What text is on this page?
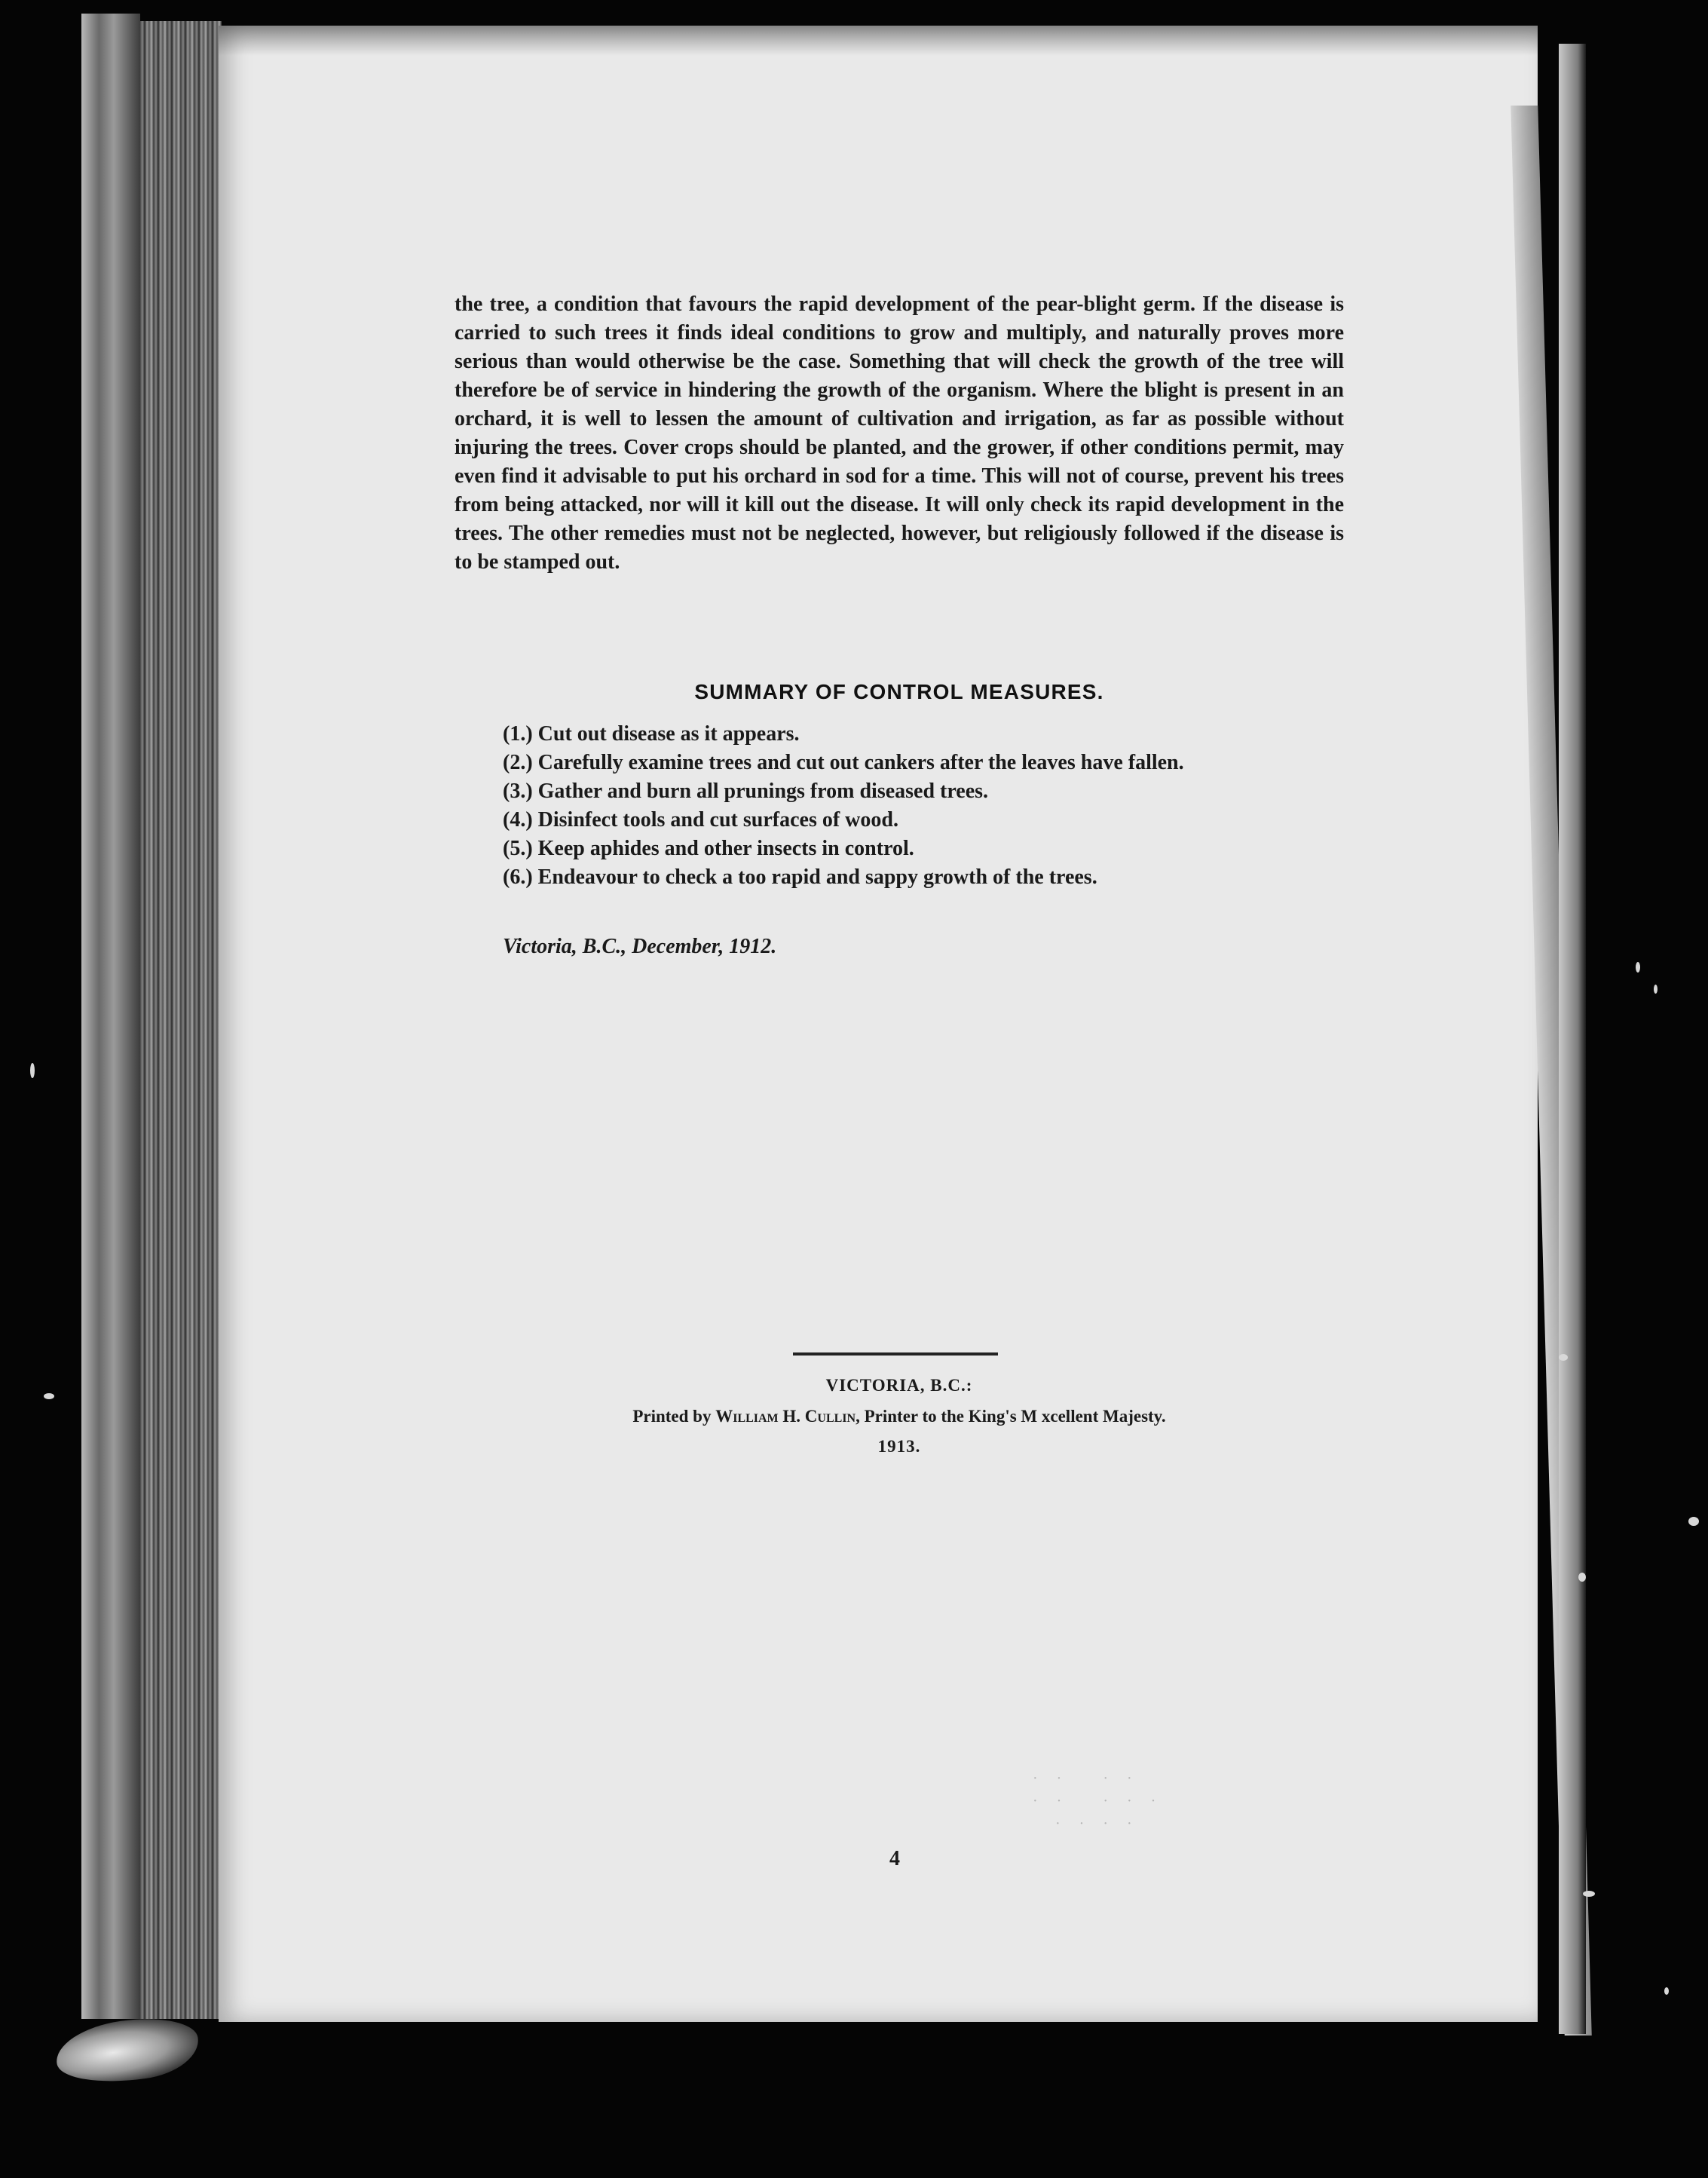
the tree, a condition that favours the rapid development of the pear-blight germ. If the disease is carried to such trees it finds ideal conditions to grow and multiply, and naturally proves more serious than would otherwise be the case. Something that will check the growth of the tree will therefore be of service in hindering the growth of the organism. Where the blight is present in an orchard, it is well to lessen the amount of cultivation and irrigation, as far as possible without injuring the trees. Cover crops should be planted, and the grower, if other conditions permit, may even find it advisable to put his orchard in sod for a time. This will not of course, prevent his trees from being attacked, nor will it kill out the disease. It will only check its rapid development in the trees. The other remedies must not be neglected, however, but religiously followed if the disease is to be stamped out.

SUMMARY OF CONTROL MEASURES.

(1.) Cut out disease as it appears.

(2.) Carefully examine trees and cut out cankers after the leaves have fallen.

(3.) Gather and burn all prunings from diseased trees.

(4.) Disinfect tools and cut surfaces of wood.

(5.) Keep aphides and other insects in control.

(6.) Endeavour to check a too rapid and sappy growth of the trees.

Victoria, B.C., December, 1912.
VICTORIA, B.C.:
Printed by William H. Cullin, Printer to the King's M xcellent Majesty.
1913.
· ·   · ·
· ·   · · ·
· · · ·
4
